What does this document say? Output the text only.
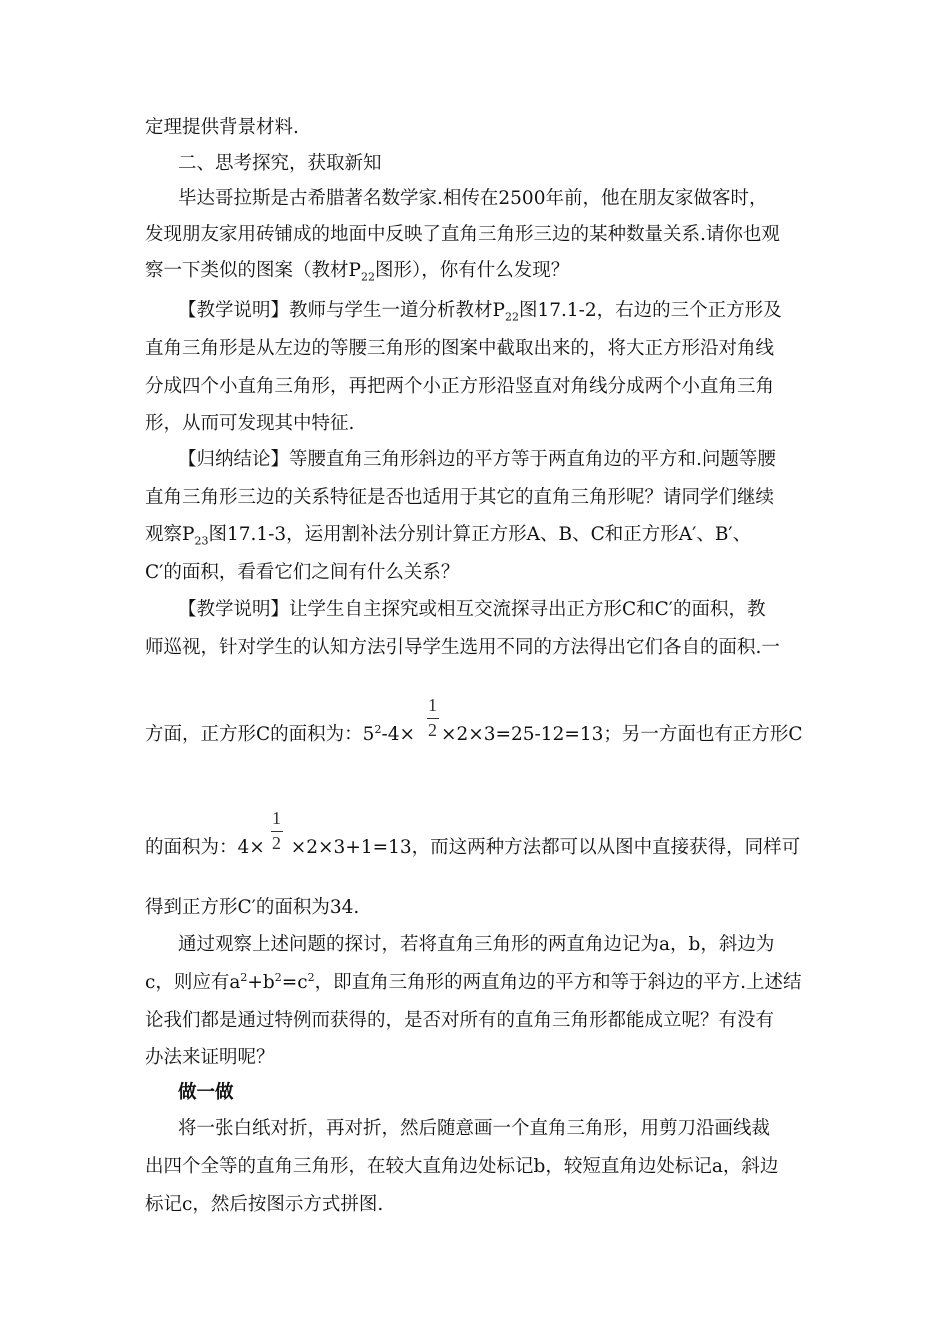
定理提供背景材料.
二、思考探究，获取新知
毕达哥拉斯是古希腊著名数学家.相传在2500年前，他在朋友家做客时，
发现朋友家用砖铺成的地面中反映了直角三角形三边的某种数量关系.请你也观
察一下类似的图案（教材$P_{22}$图形），你有什么发现？
【教学说明】教师与学生一道分析教材$P_{22}$图17.1-2，右边的三个正方形及
直角三角形是从左边的等腰三角形的图案中截取出来的，将大正方形沿对角线
分成四个小直角三角形，再把两个小正方形沿竖直对角线分成两个小直角三角
形，从而可发现其中特征.
【归纳结论】等腰直角三角形斜边的平方等于两直角边的平方和.问题等腰
直角三角形三边的关系特征是否也适用于其它的直角三角形呢？请同学们继续
观察$P_{23}$图17.1-3，运用割补法分别计算正方形A、B、C和正方形A′、B′、
C′的面积，看看它们之间有什么关系？
【教学说明】让学生自主探究或相互交流探寻出正方形C和C′的面积，教
师巡视，针对学生的认知方法引导学生选用不同的方法得出它们各自的面积.一
方面，正方形C的面积为：$5^2-4\times \times 2\times 3=25-12=13$；另一方面也有正方形C
1
2
的面积为：4× ×2×3+1=13，而这两种方法都可以从图中直接获得，同样可
1
2
得到正方形C′的面积为34.
通过观察上述问题的探讨，若将直角三角形的两直角边记为a，b，斜边为
c，则应有$a^2+b^2=c^2$，即直角三角形的两直角边的平方和等于斜边的平方.上述结
论我们都是通过特例而获得的，是否对所有的直角三角形都能成立呢？有没有
办法来证明呢？
做一做
将一张白纸对折，再对折，然后随意画一个直角三角形，用剪刀沿画线裁
出四个全等的直角三角形，在较大直角边处标记b，较短直角边处标记a，斜边
标记c，然后按图示方式拼图.
